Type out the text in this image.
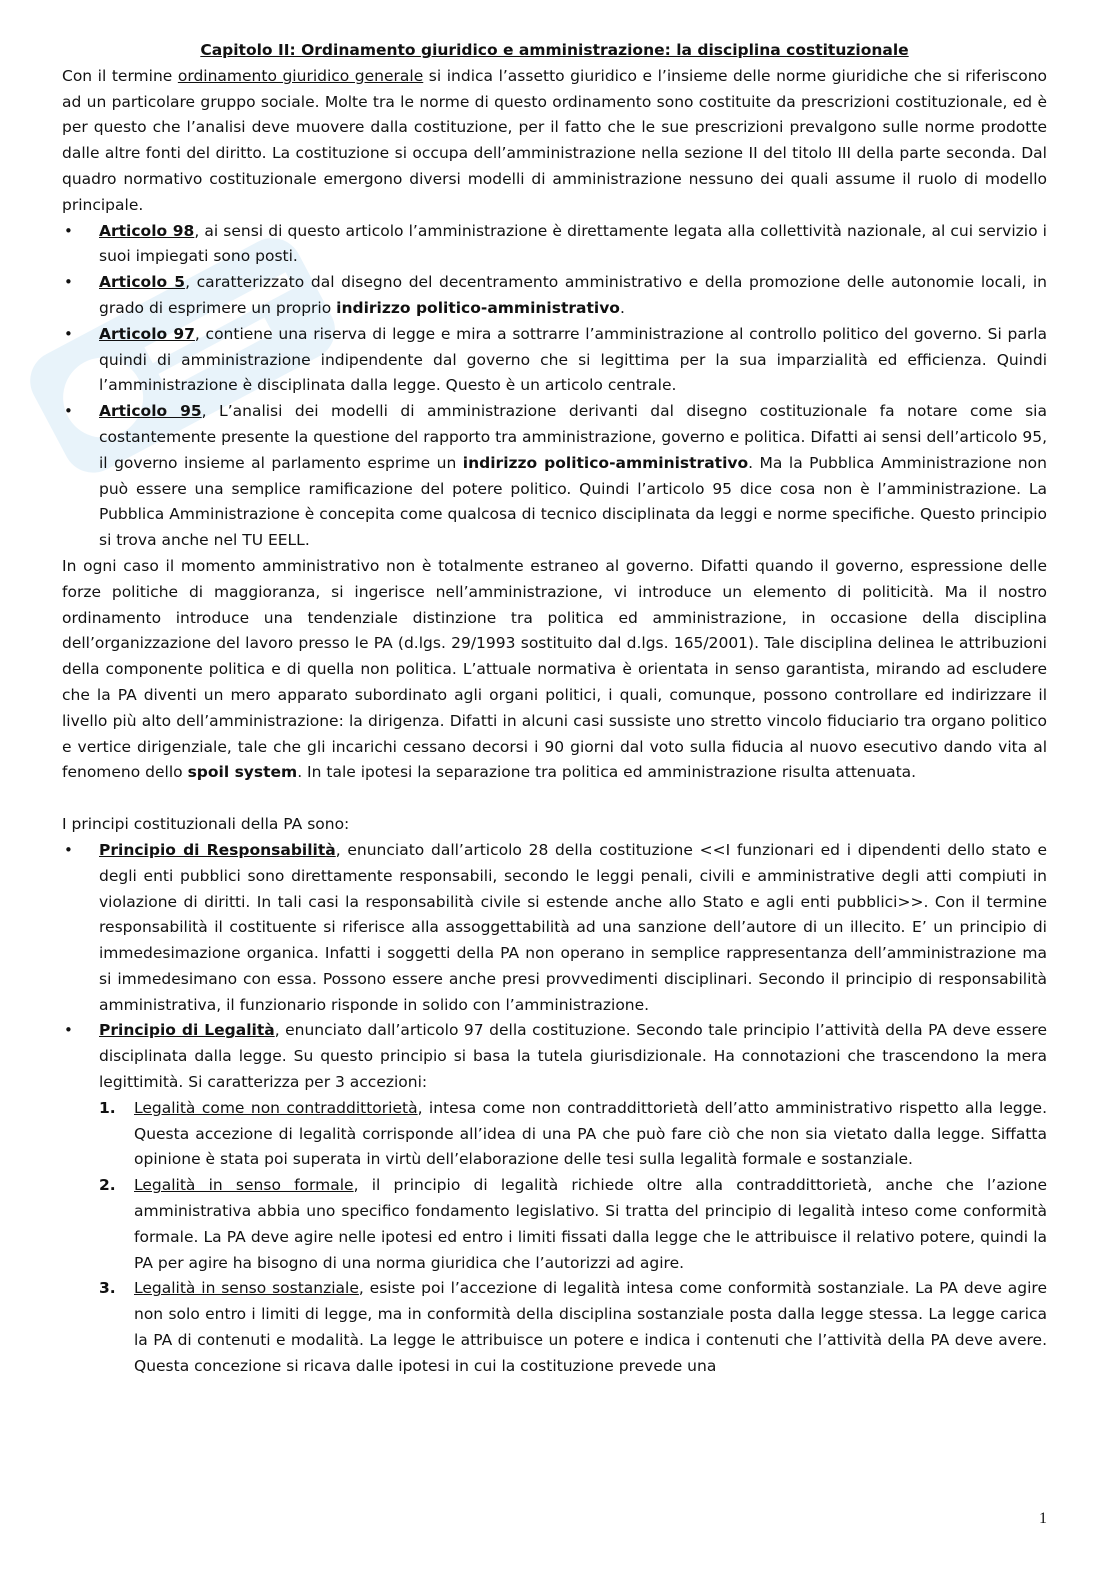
Capitolo II: Ordinamento giuridico e amministrazione: la disciplina costituzionale

Con il termine ordinamento giuridico generale si indica l’assetto giuridico e l’insieme delle norme giuridiche che si riferiscono ad un particolare gruppo sociale. Molte tra le norme di questo ordinamento sono costituite da prescrizioni costituzionale, ed è per questo che l’analisi deve muovere dalla costituzione, per il fatto che le sue prescrizioni prevalgono sulle norme prodotte dalle altre fonti del diritto. La costituzione si occupa dell’amministrazione nella sezione II del titolo III della parte seconda. Dal quadro normativo costituzionale emergono diversi modelli di amministrazione nessuno dei quali assume il ruolo di modello principale.

• Articolo 98, ai sensi di questo articolo l’amministrazione è direttamente legata alla collettività nazionale, al cui servizio i suoi impiegati sono posti.
• Articolo 5, caratterizzato dal disegno del decentramento amministrativo e della promozione delle autonomie locali, in grado di esprimere un proprio indirizzo politico-amministrativo.
• Articolo 97, contiene una riserva di legge e mira a sottrarre l’amministrazione al controllo politico del governo. Si parla quindi di amministrazione indipendente dal governo che si legittima per la sua imparzialità ed efficienza. Quindi l’amministrazione è disciplinata dalla legge. Questo è un articolo centrale.
• Articolo 95, L’analisi dei modelli di amministrazione derivanti dal disegno costituzionale fa notare come sia costantemente presente la questione del rapporto tra amministrazione, governo e politica. Difatti ai sensi dell’articolo 95, il governo insieme al parlamento esprime un indirizzo politico-amministrativo. Ma la Pubblica Amministrazione non può essere una semplice ramificazione del potere politico. Quindi l’articolo 95 dice cosa non è l’amministrazione. La Pubblica Amministrazione è concepita come qualcosa di tecnico disciplinata da leggi e norme specifiche. Questo principio si trova anche nel TU EELL.

In ogni caso il momento amministrativo non è totalmente estraneo al governo. Difatti quando il governo, espressione delle forze politiche di maggioranza, si ingerisce nell’amministrazione, vi introduce un elemento di politicità. Ma il nostro ordinamento introduce una tendenziale distinzione tra politica ed amministrazione, in occasione della disciplina dell’organizzazione del lavoro presso le PA (d.lgs. 29/1993 sostituito dal d.lgs. 165/2001). Tale disciplina delinea le attribuzioni della componente politica e di quella non politica. L’attuale normativa è orientata in senso garantista, mirando ad escludere che la PA diventi un mero apparato subordinato agli organi politici, i quali, comunque, possono controllare ed indirizzare il livello più alto dell’amministrazione: la dirigenza. Difatti in alcuni casi sussiste uno stretto vincolo fiduciario tra organo politico e vertice dirigenziale, tale che gli incarichi cessano decorsi i 90 giorni dal voto sulla fiducia al nuovo esecutivo dando vita al fenomeno dello spoil system. In tale ipotesi la separazione tra politica ed amministrazione risulta attenuata.

I principi costituzionali della PA sono:

• Principio di Responsabilità, enunciato dall’articolo 28 della costituzione <<I funzionari ed i dipendenti dello stato e degli enti pubblici sono direttamente responsabili, secondo le leggi penali, civili e amministrative degli atti compiuti in violazione di diritti. In tali casi la responsabilità civile si estende anche allo Stato e agli enti pubblici>>. Con il termine responsabilità il costituente si riferisce alla assoggettabilità ad una sanzione dell’autore di un illecito. E’ un principio di immedesimazione organica. Infatti i soggetti della PA non operano in semplice rappresentanza dell’amministrazione ma si immedesimano con essa. Possono essere anche presi provvedimenti disciplinari. Secondo il principio di responsabilità amministrativa, il funzionario risponde in solido con l’amministrazione.
• Principio di Legalità, enunciato dall’articolo 97 della costituzione. Secondo tale principio l’attività della PA deve essere disciplinata dalla legge. Su questo principio si basa la tutela giurisdizionale. Ha connotazioni che trascendono la mera legittimità. Si caratterizza per 3 accezioni:
1. Legalità come non contraddittorietà, intesa come non contraddittorietà dell’atto amministrativo rispetto alla legge. Questa accezione di legalità corrisponde all’idea di una PA che può fare ciò che non sia vietato dalla legge. Siffatta opinione è stata poi superata in virtù dell’elaborazione delle tesi sulla legalità formale e sostanziale.
2. Legalità in senso formale, il principio di legalità richiede oltre alla contraddittorietà, anche che l’azione amministrativa abbia uno specifico fondamento legislativo. Si tratta del principio di legalità inteso come conformità formale. La PA deve agire nelle ipotesi ed entro i limiti fissati dalla legge che le attribuisce il relativo potere, quindi la PA per agire ha bisogno di una norma giuridica che l’autorizzi ad agire.
3. Legalità in senso sostanziale, esiste poi l’accezione di legalità intesa come conformità sostanziale. La PA deve agire non solo entro i limiti di legge, ma in conformità della disciplina sostanziale posta dalla legge stessa. La legge carica la PA di contenuti e modalità. La legge le attribuisce un potere e indica i contenuti che l’attività della PA deve avere. Questa concezione si ricava dalle ipotesi in cui la costituzione prevede una
1
